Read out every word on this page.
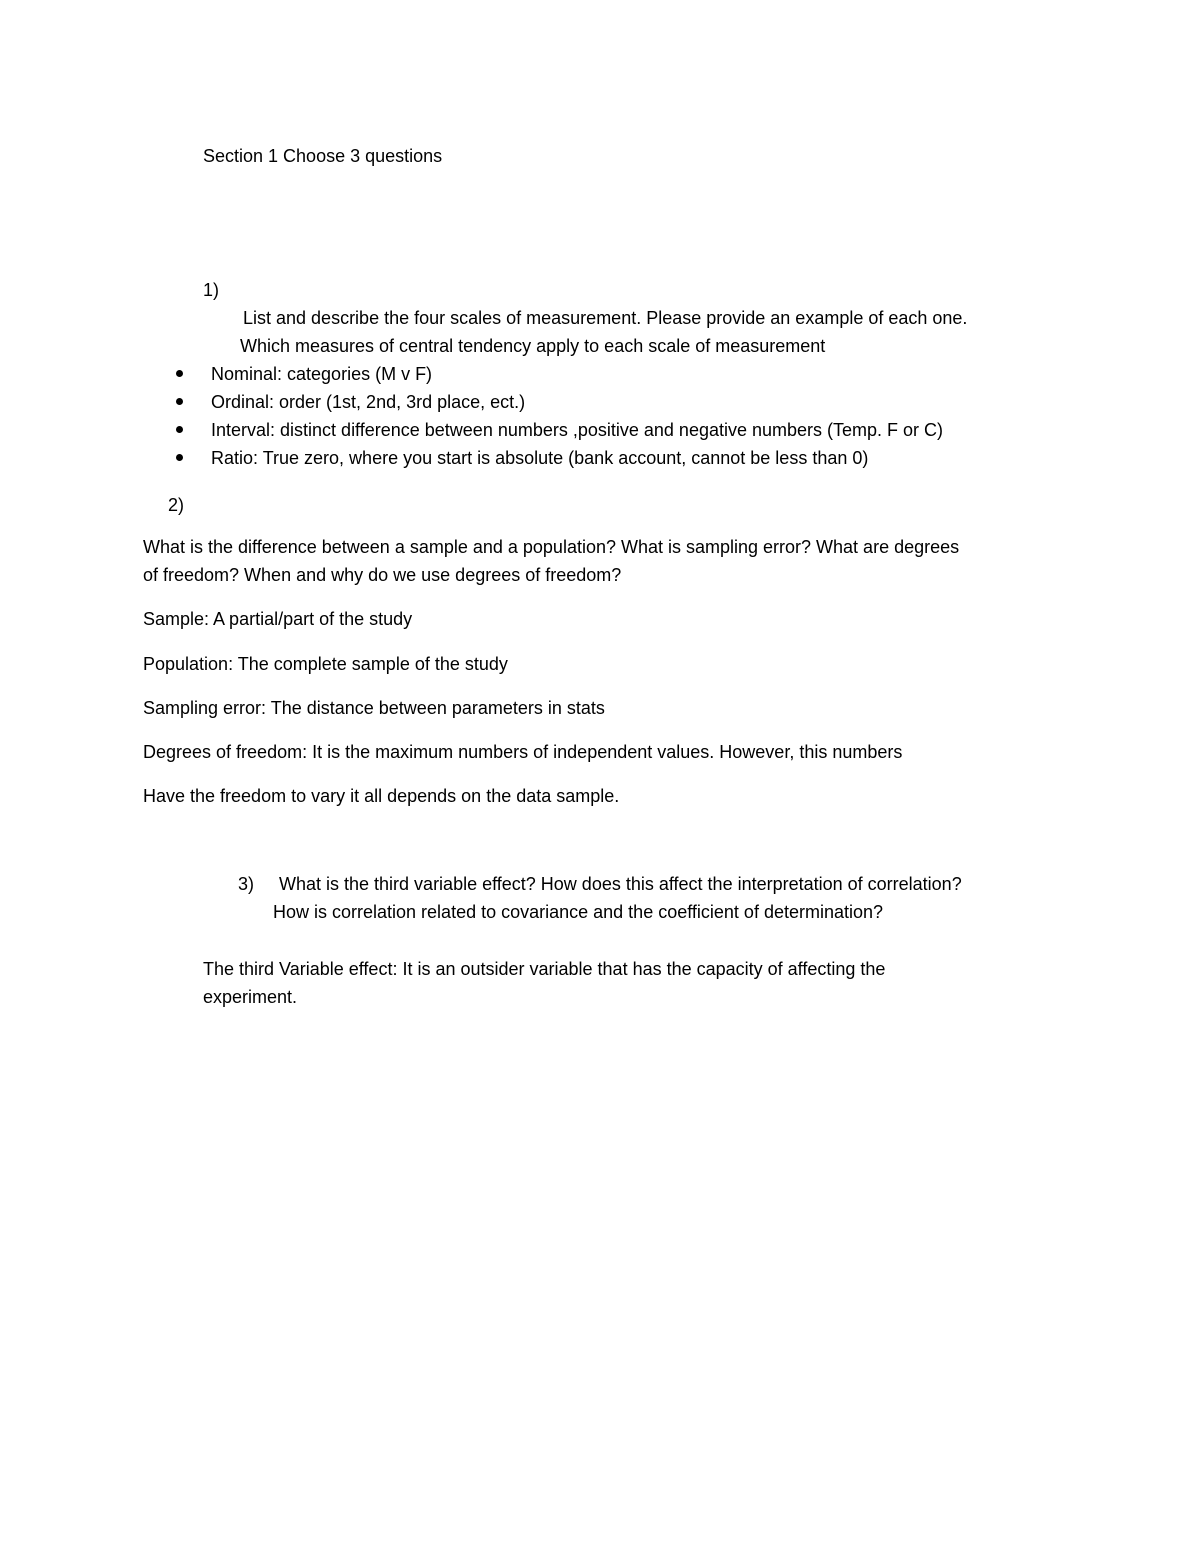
Section 1 Choose 3 questions
1)
List and describe the four scales of measurement. Please provide an example of each one.
Which measures of central tendency apply to each scale of measurement
Nominal: categories (M v F)
Ordinal: order (1st, 2nd, 3rd place, ect.)
Interval: distinct difference between numbers ,positive and negative numbers (Temp. F or C)
Ratio: True zero, where you start is absolute (bank account, cannot be less than 0)
2)
What is the difference between a sample and a population? What is sampling error? What are degrees
of freedom? When and why do we use degrees of freedom?
Sample: A partial/part of the study
Population: The complete sample of the study
Sampling error: The distance between parameters in stats
Degrees of freedom: It is the maximum numbers of independent values. However, this numbers
Have the freedom to vary it all depends on the data sample.
3) What is the third variable effect? How does this affect the interpretation of correlation?
How is correlation related to covariance and the coefficient of determination?
The third Variable effect: It is an outsider variable that has the capacity of affecting the
experiment.
